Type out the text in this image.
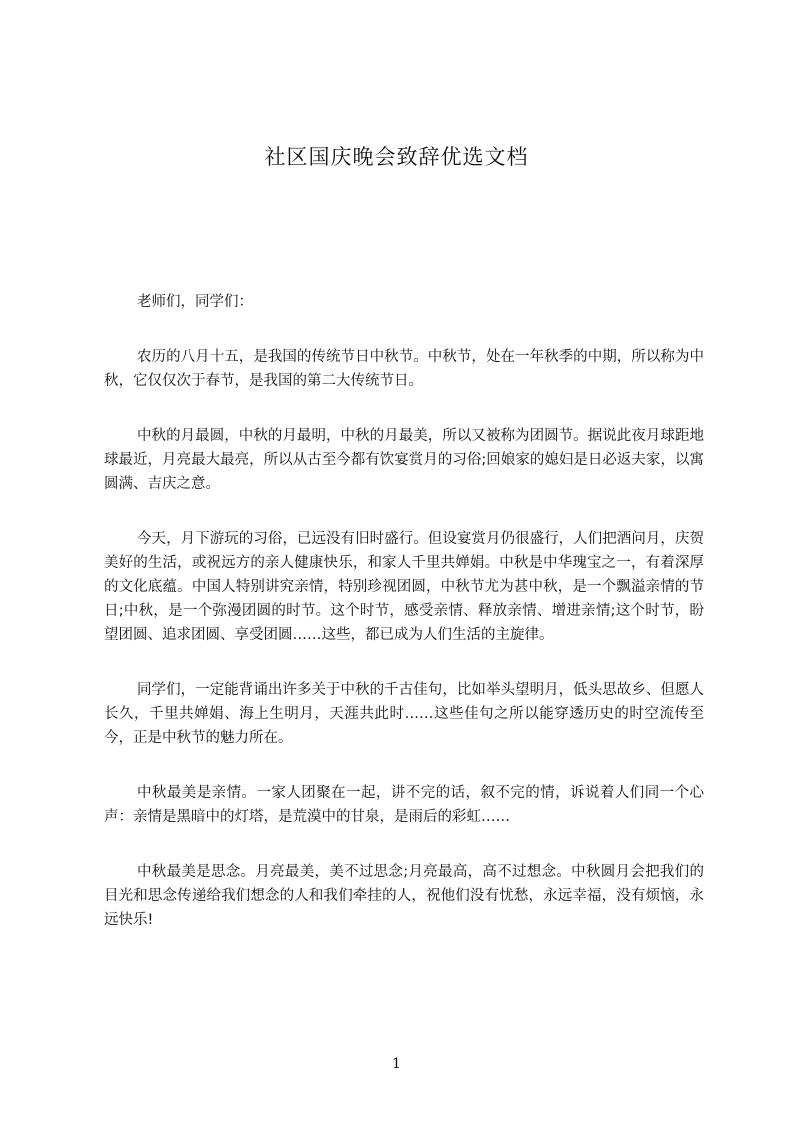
社区国庆晚会致辞优选文档

老师们，同学们：

农历的八月十五，是我国的传统节日中秋节。中秋节，处在一年秋季的中期，所以称为中秋，它仅仅次于春节，是我国的第二大传统节日。

中秋的月最圆，中秋的月最明，中秋的月最美，所以又被称为团圆节。据说此夜月球距地球最近，月亮最大最亮，所以从古至今都有饮宴赏月的习俗;回娘家的媳妇是日必返夫家，以寓圆满、吉庆之意。

今天，月下游玩的习俗，已远没有旧时盛行。但设宴赏月仍很盛行，人们把酒问月，庆贺美好的生活，或祝远方的亲人健康快乐，和家人千里共婵娟。中秋是中华瑰宝之一，有着深厚的文化底蕴。中国人特别讲究亲情，特别珍视团圆，中秋节尤为甚中秋，是一个飘溢亲情的节日;中秋，是一个弥漫团圆的时节。这个时节，感受亲情、释放亲情、增进亲情;这个时节，盼望团圆、追求团圆、享受团圆……这些，都已成为人们生活的主旋律。

同学们，一定能背诵出许多关于中秋的千古佳句，比如举头望明月，低头思故乡、但愿人长久，千里共婵娟、海上生明月，天涯共此时……这些佳句之所以能穿透历史的时空流传至今，正是中秋节的魅力所在。

中秋最美是亲情。一家人团聚在一起，讲不完的话，叙不完的情，诉说着人们同一个心声：亲情是黑暗中的灯塔，是荒漠中的甘泉，是雨后的彩虹……

中秋最美是思念。月亮最美，美不过思念;月亮最高，高不过想念。中秋圆月会把我们的目光和思念传递给我们想念的人和我们牵挂的人，祝他们没有忧愁，永远幸福，没有烦恼，永远快乐!

1
